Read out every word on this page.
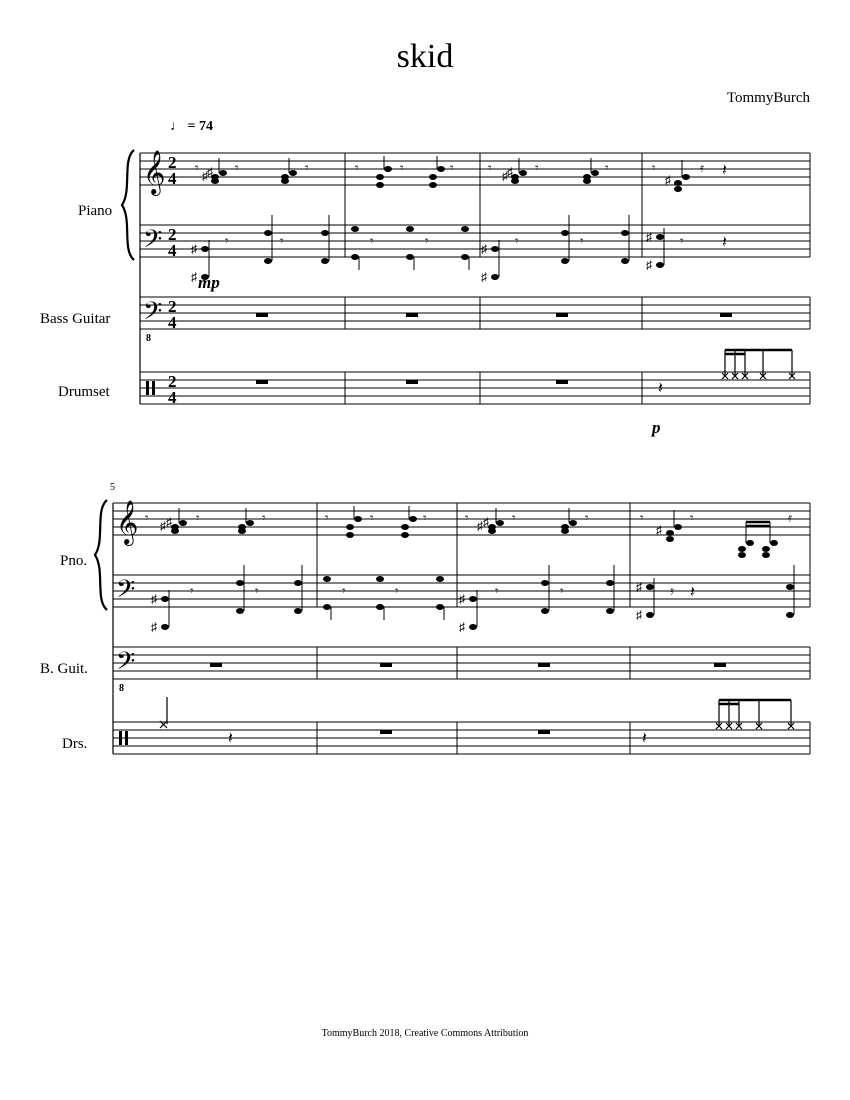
skid
TommyBurch
♩ = 74
Piano
Bass Guitar
Drumset
𝄞
𝄢
𝄢
8
2
4
2
4
2
4
2
4
𝄾
♯ ♯ 𝄾	𝄾	𝄾	𝄾	𝄾	𝄾
♯ ♯ 𝄾	𝄾	𝄾
♯
𝄿 𝄽
♯
♯
𝄾	𝄾	𝄾	𝄾
♯
♯
𝄾	𝄾	♯
♯
𝄾 𝄽
𝄽
mp
p
5
Pno.
B. Guit.
Drs.
𝄞
𝄢
𝄢
8
𝄾
♯ ♯ 𝄾	𝄾	𝄾	𝄾	𝄾	𝄾
♯ ♯ 𝄾	𝄾	𝄾
♯
𝄾	𝄿
♯
♯
𝄾	𝄾	𝄾	𝄾
♯
♯
𝄾	𝄾	♯
♯
𝄿 𝄽
𝄽	𝄽
TommyBurch 2018, Creative Commons Attribution
